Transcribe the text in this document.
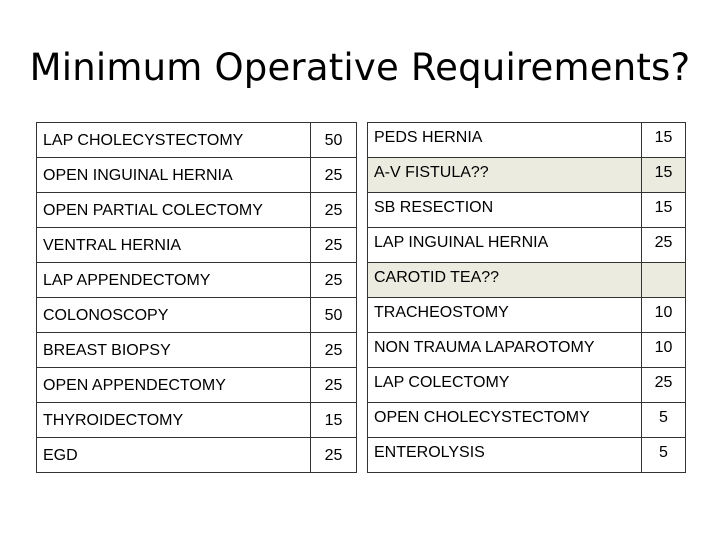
Minimum Operative Requirements?
LAP CHOLECYSTECTOMY	50
OPEN INGUINAL HERNIA	25
OPEN PARTIAL COLECTOMY	25
VENTRAL HERNIA	25
LAP APPENDECTOMY	25
COLONOSCOPY	50
BREAST BIOPSY	25
OPEN APPENDECTOMY	25
THYROIDECTOMY	15
EGD	25
PEDS HERNIA	15
A-V FISTULA??	15
SB RESECTION	15
LAP INGUINAL HERNIA	25
CAROTID TEA??	
TRACHEOSTOMY	10
NON TRAUMA LAPAROTOMY	10
LAP COLECTOMY	25
OPEN CHOLECYSTECTOMY	5
ENTEROLYSIS	5
